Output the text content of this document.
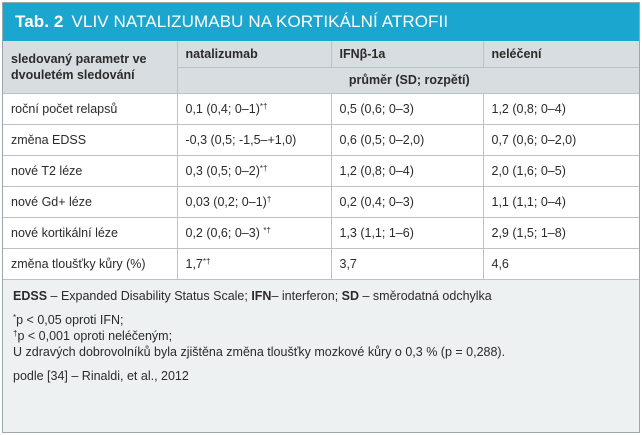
Tab. 2 VLIV NATALIZUMABU NA KORTIKÁLNÍ ATROFII
sledovaný parametr ve dvouletém sledování	natalizumab	IFNβ-1a	neléčení
	průměr (SD; rozpětí)		
roční počet relapsů	0,1 (0,4; 0–1)*†	0,5 (0,6; 0–3)	1,2 (0,8; 0–4)
změna EDSS	-0,3 (0,5; -1,5–+1,0)	0,6 (0,5; 0–2,0)	0,7 (0,6; 0–2,0)
nové T2 léze	0,3 (0,5; 0–2)*†	1,2 (0,8; 0–4)	2,0 (1,6; 0–5)
nové Gd+ léze	0,03 (0,2; 0–1)†	0,2 (0,4; 0–3)	1,1 (1,1; 0–4)
nové kortikální léze	0,2 (0,6; 0–3) *†	1,3 (1,1; 1–6)	2,9 (1,5; 1–8)
změna tloušťky kůry (%)	1,7*†	3,7	4,6
EDSS – Expanded Disability Status Scale; IFN– interferon; SD – směrodatná odchylka
*p < 0,05 oproti IFN;
†p < 0,001 oproti neléčeným;
U zdravých dobrovolníků byla zjištěna změna tloušťky mozkové kůry o 0,3 % (p = 0,288).
podle [34] – Rinaldi, et al., 2012
